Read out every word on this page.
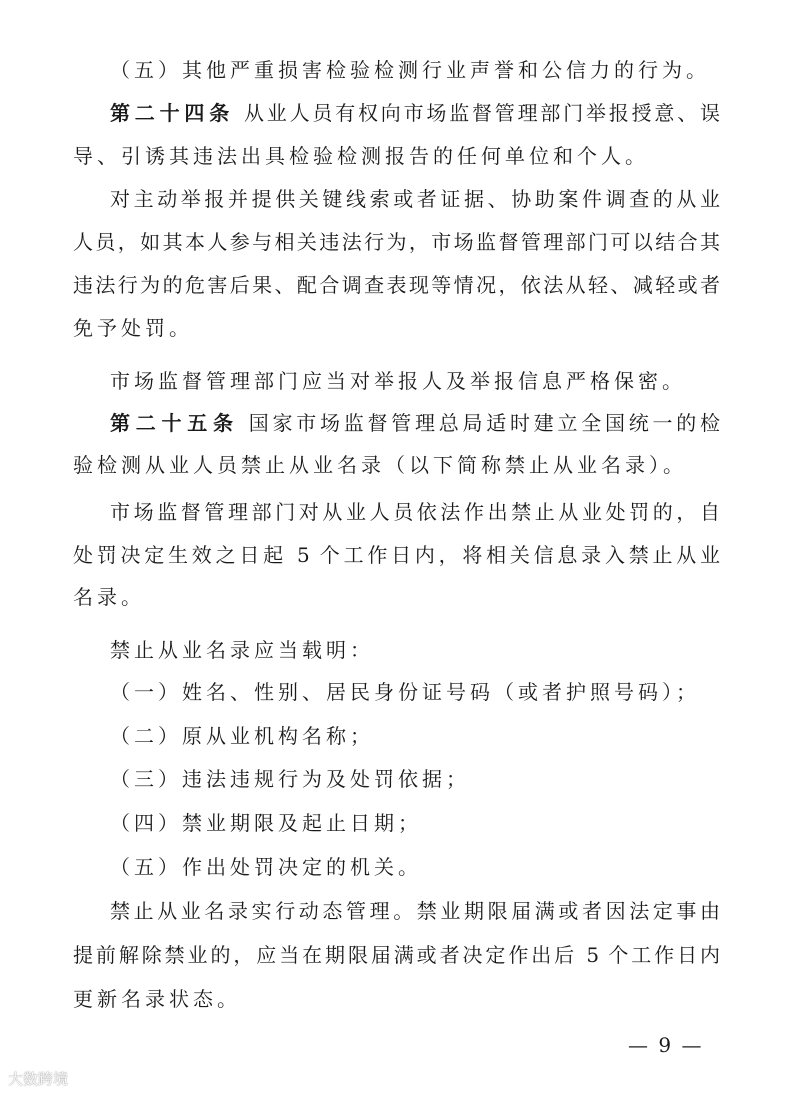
（五）其他严重损害检验检测行业声誉和公信力的行为。
第二十四条 从业人员有权向市场监督管理部门举报授意、误
导、引诱其违法出具检验检测报告的任何单位和个人。
对主动举报并提供关键线索或者证据、协助案件调查的从业
人员，如其本人参与相关违法行为，市场监督管理部门可以结合其
违法行为的危害后果、配合调查表现等情况，依法从轻、减轻或者
免予处罚。
市场监督管理部门应当对举报人及举报信息严格保密。
第二十五条 国家市场监督管理总局适时建立全国统一的检
验检测从业人员禁止从业名录（以下简称禁止从业名录）。
市场监督管理部门对从业人员依法作出禁止从业处罚的，自
处罚决定生效之日起 5 个工作日内，将相关信息录入禁止从业
名录。
禁止从业名录应当载明：
（一）姓名、性别、居民身份证号码（或者护照号码）；
（二）原从业机构名称；
（三）违法违规行为及处罚依据；
（四）禁业期限及起止日期；
（五）作出处罚决定的机关。
禁止从业名录实行动态管理。禁业期限届满或者因法定事由
提前解除禁业的，应当在期限届满或者决定作出后 5 个工作日内
更新名录状态。
— 9 —
大数跨境
